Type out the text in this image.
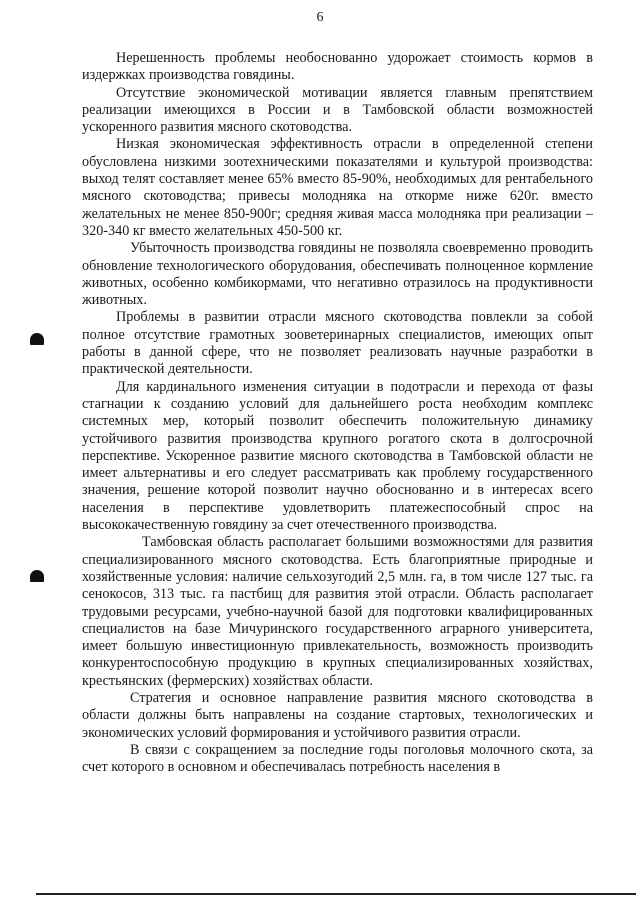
6

Нерешенность проблемы необоснованно удорожает стоимость кормов в издержках производства говядины.

Отсутствие экономической мотивации является главным препятствием реализации имеющихся в России и в Тамбовской области возможностей ускоренного развития мясного скотоводства.

Низкая экономическая эффективность отрасли в определенной степени обусловлена низкими зоотехническими показателями и культурой производства: выход телят составляет менее 65% вместо 85-90%, необходимых для рентабельного мясного скотоводства; привесы молодняка на откорме ниже 620г. вместо желательных не менее 850-900г; средняя живая масса молодняка при реализации – 320-340 кг вместо желательных 450-500 кг.

Убыточность производства говядины не позволяла своевременно проводить обновление технологического оборудования, обеспечивать полноценное кормление животных, особенно комбикормами, что негативно отразилось на продуктивности животных.

Проблемы в развитии отрасли мясного скотоводства повлекли за собой полное отсутствие грамотных зооветеринарных специалистов, имеющих опыт работы в данной сфере, что не позволяет реализовать научные разработки в практической деятельности.

Для кардинального изменения ситуации в подотрасли и перехода от фазы стагнации к созданию условий для дальнейшего роста необходим комплекс системных мер, который позволит обеспечить положительную динамику устойчивого развития производства крупного рогатого скота в долгосрочной перспективе. Ускоренное развитие мясного скотоводства в Тамбовской области не имеет альтернативы и его следует рассматривать как проблему государственного значения, решение которой позволит научно обоснованно и в интересах всего населения в перспективе удовлетворить платежеспособный спрос на высококачественную говядину за счет отечественного производства.

Тамбовская область располагает большими возможностями для развития специализированного мясного скотоводства. Есть благоприятные природные и хозяйственные условия: наличие сельхозугодий 2,5 млн. га, в том числе 127 тыс. га сенокосов, 313 тыс. га пастбищ для развития этой отрасли. Область располагает трудовыми ресурсами, учебно-научной базой для подготовки квалифицированных специалистов на базе Мичуринского государственного аграрного университета, имеет большую инвестиционную привлекательность, возможность производить конкурентоспособную продукцию в крупных специализированных хозяйствах, крестьянских (фермерских) хозяйствах области.

Стратегия и основное направление развития мясного скотоводства в области должны быть направлены на создание стартовых, технологических и экономических условий формирования и устойчивого развития отрасли.

В связи с сокращением за последние годы поголовья молочного скота, за счет которого в основном и обеспечивалась потребность населения в
